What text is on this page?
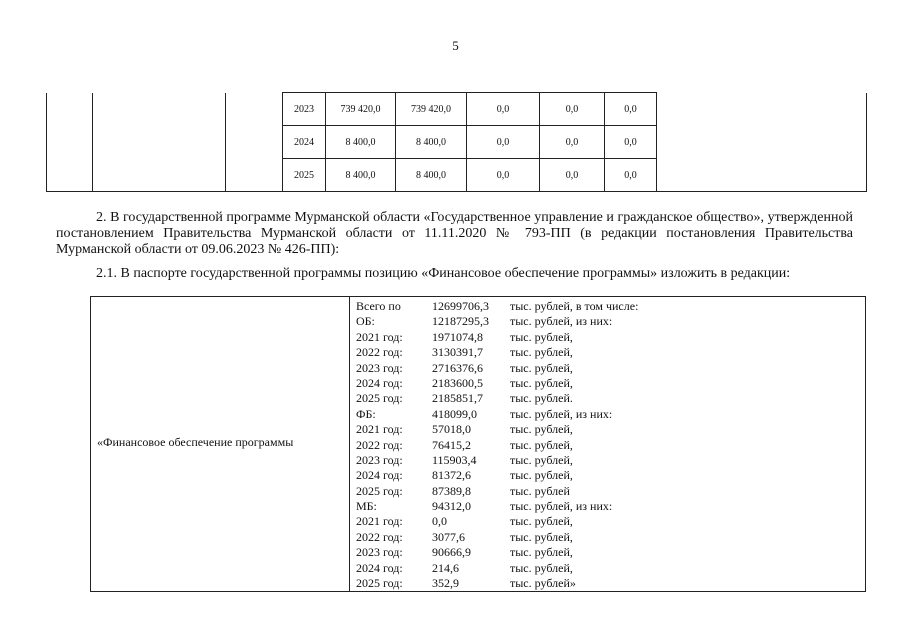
5
			2023	739 420,0	739 420,0	0,0	0,0	0,0	
			2024	8 400,0	8 400,0	0,0	0,0	0,0	
			2025	8 400,0	8 400,0	0,0	0,0	0,0	
2. В государственной программе Мурманской области «Государственное управление и гражданское общество», утвержденной постановлением Правительства Мурманской области от 11.11.2020 № 793-ПП (в редакции постановления Правительства Мурманской области от 09.06.2023 № 426-ПП):
2.1. В паспорте государственной программы позицию «Финансовое обеспечение программы» изложить в редакции:
«Финансовое обеспечение программы
Всего по	12699706,3 тыс. рублей, в том числе:
ОБ:	12187295,3 тыс. рублей, из них:
2021 год: 1971074,8 тыс. рублей,
2022 год: 3130391,7 тыс. рублей,
2023 год: 2716376,6 тыс. рублей,
2024 год: 2183600,5 тыс. рублей,
2025 год: 2185851,7 тыс. рублей.
ФБ:	418099,0	тыс. рублей, из них:
2021 год: 57018,0	тыс. рублей,
2022 год: 76415,2	тыс. рублей,
2023 год: 115903,4	тыс. рублей,
2024 год: 81372,6	тыс. рублей,
2025 год: 87389,8	тыс. рублей
МБ:	94312,0	тыс. рублей, из них:
2021 год: 0,0	тыс. рублей,
2022 год: 3077,6	тыс. рублей,
2023 год: 90666,9	тыс. рублей,
2024 год: 214,6	тыс. рублей,
2025 год: 352,9	тыс. рублей»
